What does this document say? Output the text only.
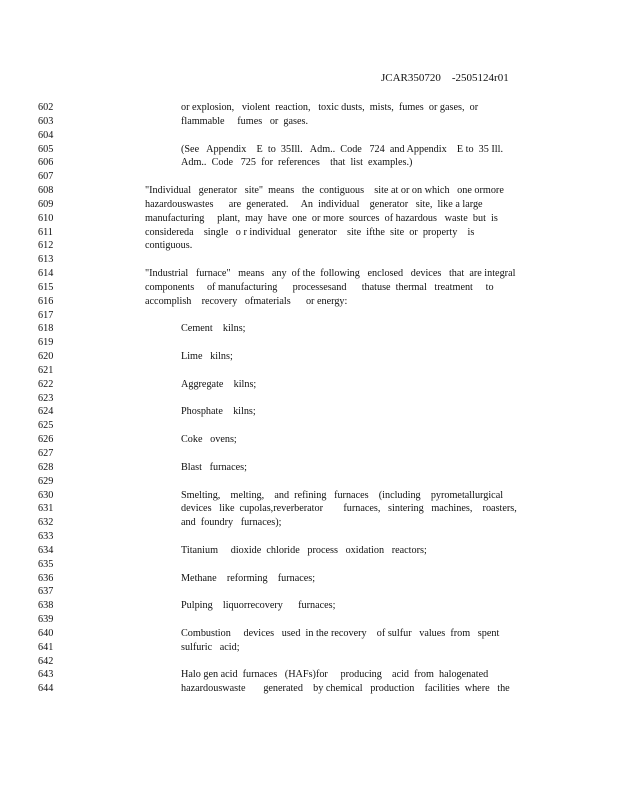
JCAR350720    -2505124r01
602	or explosion,   violent  reaction,   toxic dusts,  mists,  fumes  or gases,  or
603	flammable     fumes   or  gases.
604
605	(See   Appendix    E  to  35Ill.   Adm..  Code   724  and Appendix    E to  35 Ill.
606	Adm..  Code   725  for  references    that  list  examples.)
607
608	"Individual   generator   site"  means   the  contiguous    site at or on which   one ormore
609	hazardouswastes      are  generated.     An  individual    generator   site,  like a large
610	manufacturing     plant,  may  have  one  or more  sources  of hazardous   waste  but  is
611	considereda    single   o r individual   generator    site  ifthe  site  or  property    is
612	contiguous.
613
614	"Industrial   furnace"   means   any  of the  following   enclosed   devices   that  are integral
615	components     of manufacturing      processesand      thatuse  thermal   treatment     to
616	accomplish    recovery   ofmaterials      or energy:
617
618	Cement    kilns;
619
620	Lime   kilns;
621
622	Aggregate    kilns;
623
624	Phosphate    kilns;
625
626	Coke   ovens;
627
628	Blast   furnaces;
629
630	Smelting,    melting,    and  refining   furnaces    (including    pyrometallurgical
631	devices   like  cupolas,reverberator        furnaces,   sintering   machines,    roasters,
632	and  foundry   furnaces);
633
634	Titanium     dioxide  chloride   process   oxidation   reactors;
635
636	Methane    reforming    furnaces;
637
638	Pulping    liquorrecovery      furnaces;
639
640	Combustion     devices   used  in the recovery    of sulfur   values  from   spent
641	sulfuric   acid;
642
643	Halo gen acid  furnaces   (HAFs)for     producing    acid  from  halogenated
644	hazardouswaste       generated    by chemical   production    facilities  where   the
